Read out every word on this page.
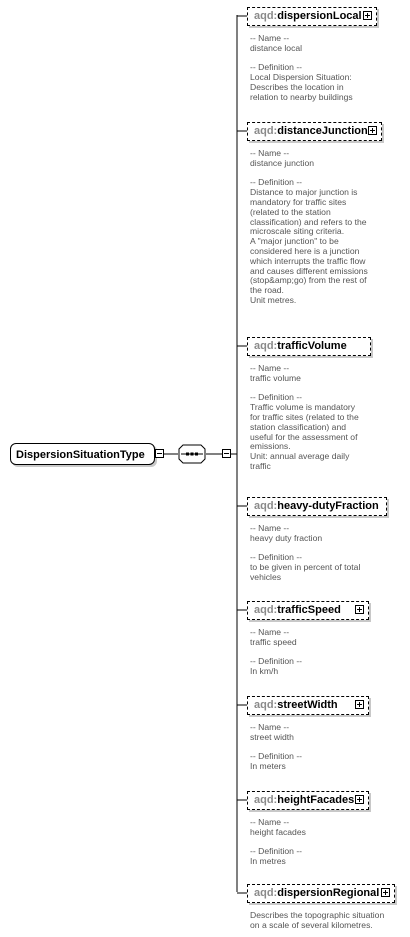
DispersionSituationType
aqd:dispersionLocal
-- Name --
distance local

-- Definition --
Local Dispersion Situation:
Describes the location in
relation to nearby buildings
aqd:distanceJunction
-- Name --
distance junction

-- Definition --
Distance to major junction is
mandatory for traffic sites
(related to the station
classification) and refers to the
microscale siting criteria.
A "major junction" to be
considered here is a junction
which interrupts the traffic flow
and causes different emissions
(stop&amp;go) from the rest of
the road.
Unit metres.
aqd:trafficVolume
-- Name --
traffic volume

-- Definition --
Traffic volume is mandatory
for traffic sites (related to the
station classification) and
useful for the assessment of
emissions.
Unit: annual average daily
traffic
aqd:heavy-dutyFraction
-- Name --
heavy duty fraction

-- Definition --
to be given in percent of total
vehicles
aqd:trafficSpeed
-- Name --
traffic speed

-- Definition --
In km/h
aqd:streetWidth
-- Name --
street width

-- Definition --
In meters
aqd:heightFacades
-- Name --
height facades

-- Definition --
In metres
aqd:dispersionRegional
Describes the topographic situation
on a scale of several kilometres.
